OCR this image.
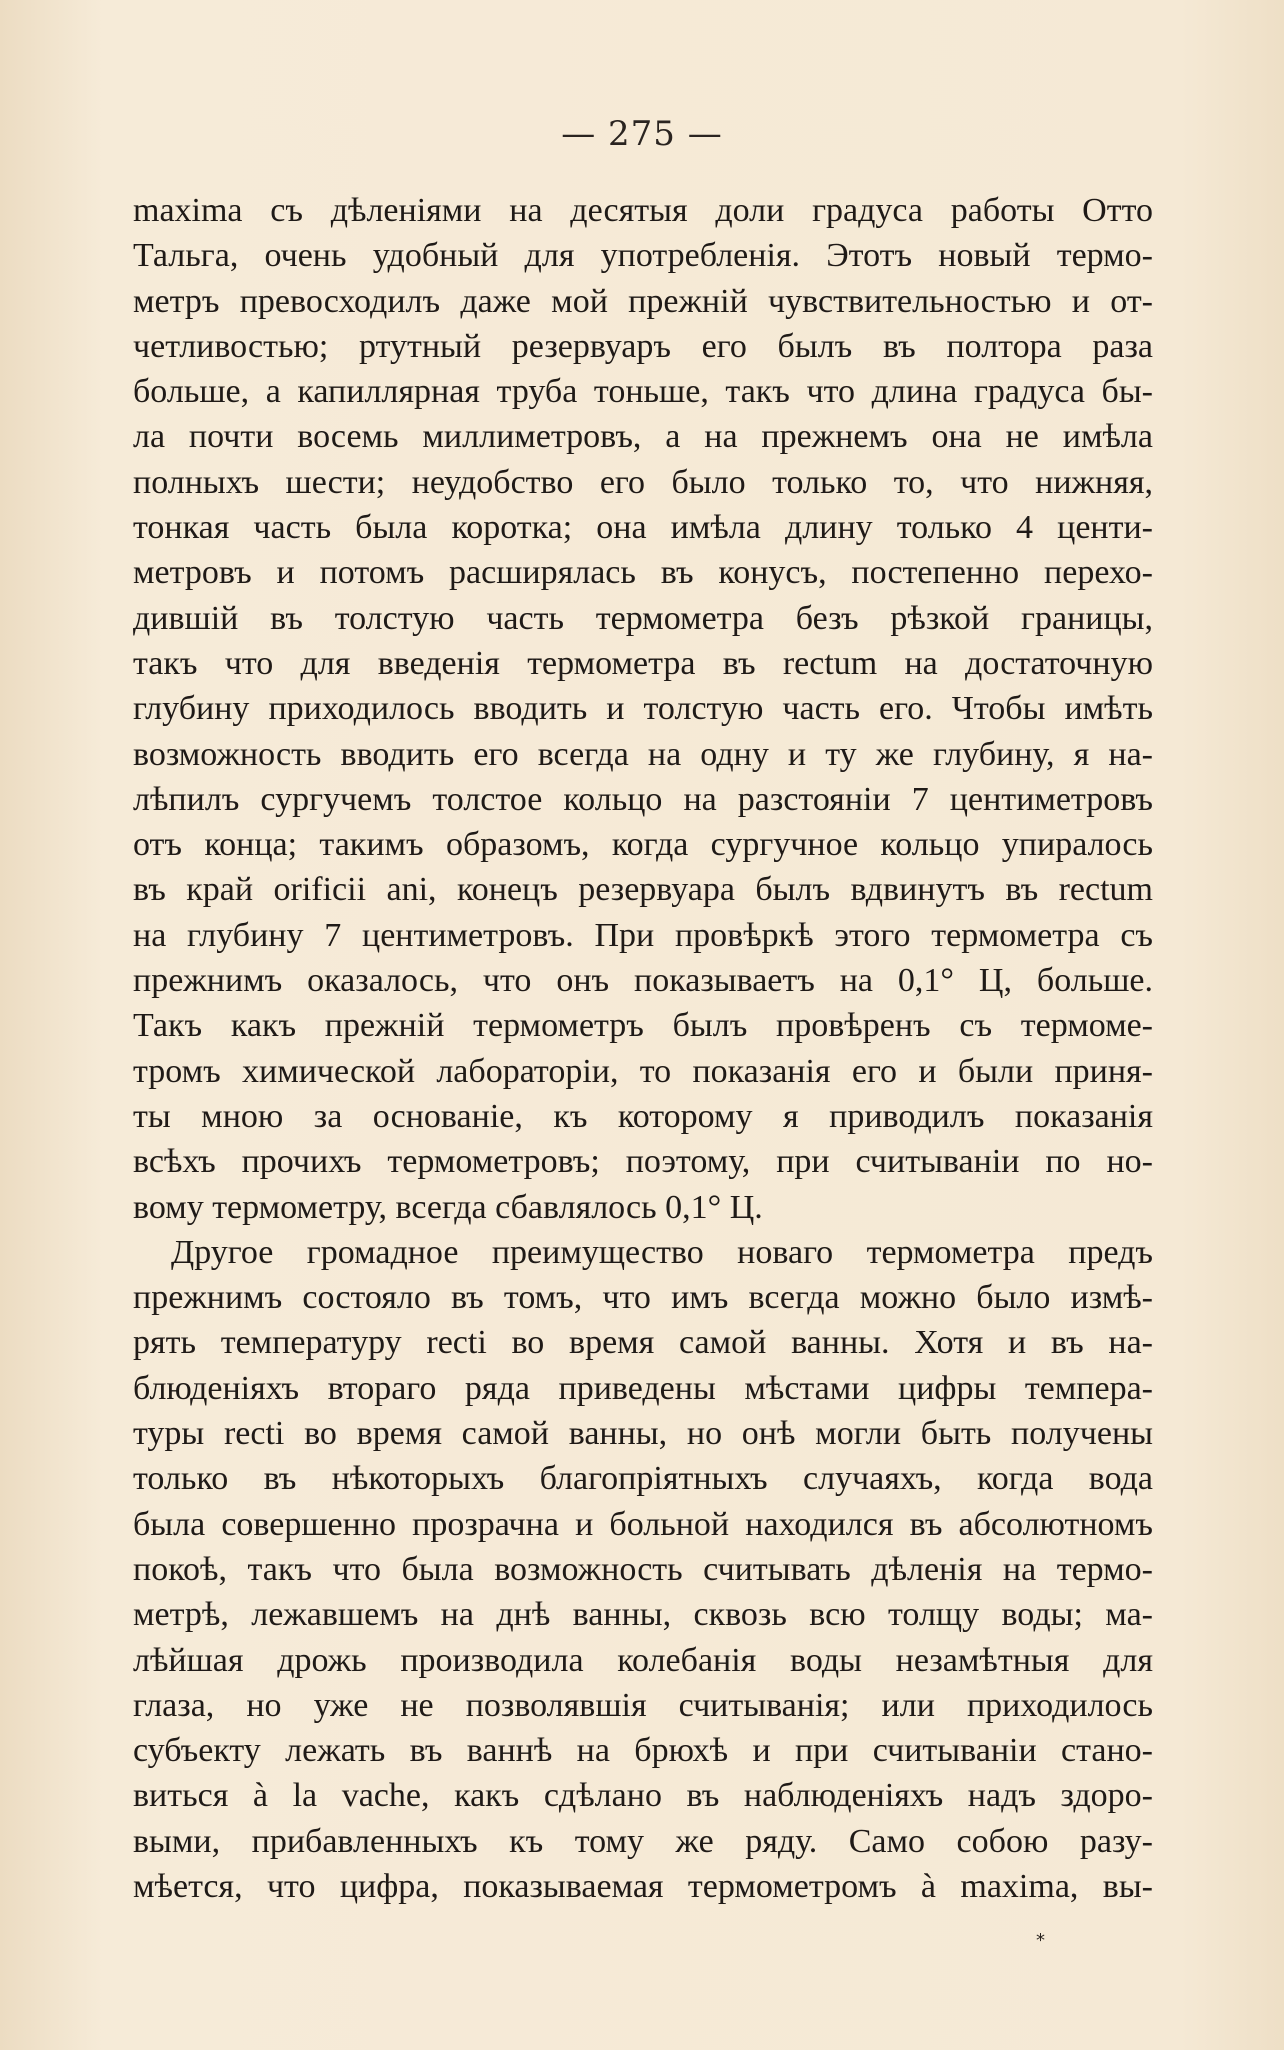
— 275 —
maxima съ дѣленiями на десятыя доли градуса работы Отто
Тальга, очень удобный для употребленiя. Этотъ новый термо-
метръ превосходилъ даже мой прежнiй чувствительностью и от-
четливостью; ртутный резервуаръ его былъ въ полтора раза
больше, а капиллярная труба тоньше, такъ что длина градуса бы-
ла почти восемь миллиметровъ, а на прежнемъ она не имѣла
полныхъ шести; неудобство его было только то, что нижняя,
тонкая часть была коротка; она имѣла длину только 4 центи-
метровъ и потомъ расширялась въ конусъ, постепенно перехо-
дившiй въ толстую часть термометра безъ рѣзкой границы,
такъ что для введенiя термометра въ rectum на достаточную
глубину приходилось вводить и толстую часть его. Чтобы имѣть
возможность вводить его всегда на одну и ту же глубину, я на-
лѣпилъ сургучемъ толстое кольцо на разстоянiи 7 центиметровъ
отъ конца; такимъ образомъ, когда сургучное кольцо упиралось
въ край orificii ani, конецъ резервуара былъ вдвинутъ въ rectum
на глубину 7 центиметровъ. При провѣркѣ этого термометра съ
прежнимъ оказалось, что онъ показываетъ на 0,1° Ц, больше.
Такъ какъ прежнiй термометръ былъ провѣренъ съ термоме-
тромъ химической лабораторiи, то показанiя его и были приня-
ты мною за основанiе, къ которому я приводилъ показанiя
всѣхъ прочихъ термометровъ; поэтому, при считыванiи по но-
вому термометру, всегда сбавлялось 0,1° Ц.
Другое громадное преимущество новаго термометра предъ
прежнимъ состояло въ томъ, что имъ всегда можно было измѣ-
рять температуру recti во время самой ванны. Хотя и въ на-
блюденiяхъ втораго ряда приведены мѣстами цифры темпера-
туры recti во время самой ванны, но онѣ могли быть получены
только въ нѣкоторыхъ благопрiятныхъ случаяхъ, когда вода
была совершенно прозрачна и больной находился въ абсолютномъ
покоѣ, такъ что была возможность считывать дѣленiя на термо-
метрѣ, лежавшемъ на днѣ ванны, сквозь всю толщу воды; ма-
лѣйшая дрожь производила колебанiя воды незамѣтныя для
глаза, но уже не позволявшiя считыванiя; или приходилось
субъекту лежать въ ваннѣ на брюхѣ и при считыванiи стано-
виться à la vache, какъ сдѣлано въ наблюденiяхъ надъ здоро-
выми, прибавленныхъ къ тому же ряду. Само собою разу-
мѣется, что цифра, показываемая термометромъ à maxima, вы-
*
